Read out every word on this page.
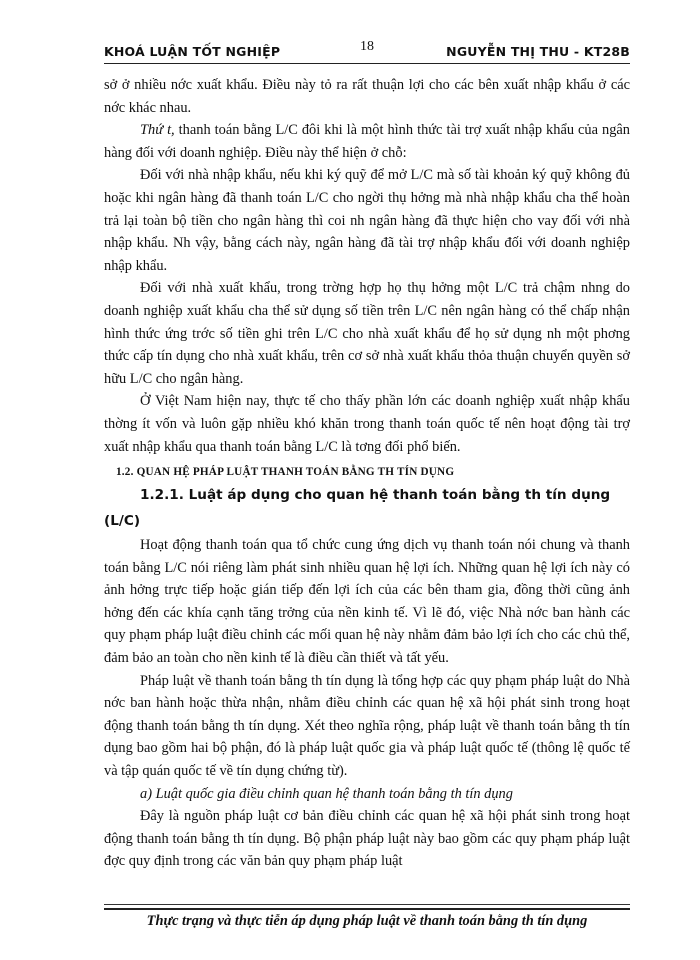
KHOÁ LUẬN TỐT NGHIỆP	18	NGUYỄN THỊ THU - KT28B

sở ở nhiều nớc xuất khẩu. Điều này tỏ ra rất thuận lợi cho các bên xuất nhập khẩu ở các nớc khác nhau.

Thứ t, thanh toán bằng L/C đôi khi là một hình thức tài trợ xuất nhập khẩu của ngân hàng đối với doanh nghiệp. Điều này thể hiện ở chỗ:

Đối với nhà nhập khẩu, nếu khi ký quỹ để mở L/C mà số tài khoản ký quỹ không đủ hoặc khi ngân hàng đã thanh toán L/C cho ngời thụ hởng mà nhà nhập khẩu cha thể hoàn trả lại toàn bộ tiền cho ngân hàng thì coi nh ngân hàng đã thực hiện cho vay đối với nhà nhập khẩu. Nh vậy, bằng cách này, ngân hàng đã tài trợ nhập khẩu đối với doanh nghiệp nhập khẩu.

Đối với nhà xuất khẩu, trong trờng hợp họ thụ hởng một L/C trả chậm nhng do doanh nghiệp xuất khẩu cha thể sử dụng số tiền trên L/C nên ngân hàng có thể chấp nhận hình thức ứng trớc số tiền ghi trên L/C cho nhà xuất khẩu để họ sử dụng nh một phơng thức cấp tín dụng cho nhà xuất khẩu, trên cơ sở nhà xuất khẩu thỏa thuận chuyển quyền sở hữu L/C cho ngân hàng.

Ở Việt Nam hiện nay, thực tế cho thấy phần lớn các doanh nghiệp xuất nhập khẩu thờng ít vốn và luôn gặp nhiều khó khăn trong thanh toán quốc tế nên hoạt động tài trợ xuất nhập khẩu qua thanh toán bằng L/C là tơng đối phổ biến.

1.2. QUAN HỆ PHÁP LUẬT THANH TOÁN BẰNG TH TÍN DỤNG

1.2.1. Luật áp dụng cho quan hệ thanh toán bằng th tín dụng (L/C)

Hoạt động thanh toán qua tổ chức cung ứng dịch vụ thanh toán nói chung và thanh toán bằng L/C nói riêng làm phát sinh nhiều quan hệ lợi ích. Những quan hệ lợi ích này có ảnh hởng trực tiếp hoặc gián tiếp đến lợi ích của các bên tham gia, đồng thời cũng ảnh hởng đến các khía cạnh tăng trởng của nền kinh tế. Vì lẽ đó, việc Nhà nớc ban hành các quy phạm pháp luật điều chỉnh các mối quan hệ này nhằm đảm bảo lợi ích cho các chủ thể, đảm bảo an toàn cho nền kinh tế là điều cần thiết và tất yếu.

Pháp luật về thanh toán bằng th tín dụng là tổng hợp các quy phạm pháp luật do Nhà nớc ban hành hoặc thừa nhận, nhằm điều chỉnh các quan hệ xã hội phát sinh trong hoạt động thanh toán bằng th tín dụng. Xét theo nghĩa rộng, pháp luật về thanh toán bằng th tín dụng bao gồm hai bộ phận, đó là pháp luật quốc gia và pháp luật quốc tế (thông lệ quốc tế và tập quán quốc tế về tín dụng chứng từ).

a) Luật quốc gia điều chỉnh quan hệ thanh toán bằng th tín dụng

Đây là nguồn pháp luật cơ bản điều chỉnh các quan hệ xã hội phát sinh trong hoạt động thanh toán bằng th tín dụng. Bộ phận pháp luật này bao gồm các quy phạm pháp luật đợc quy định trong các văn bản quy phạm pháp luật

Thực trạng và thực tiễn áp dụng pháp luật về thanh toán bằng th tín dụng
